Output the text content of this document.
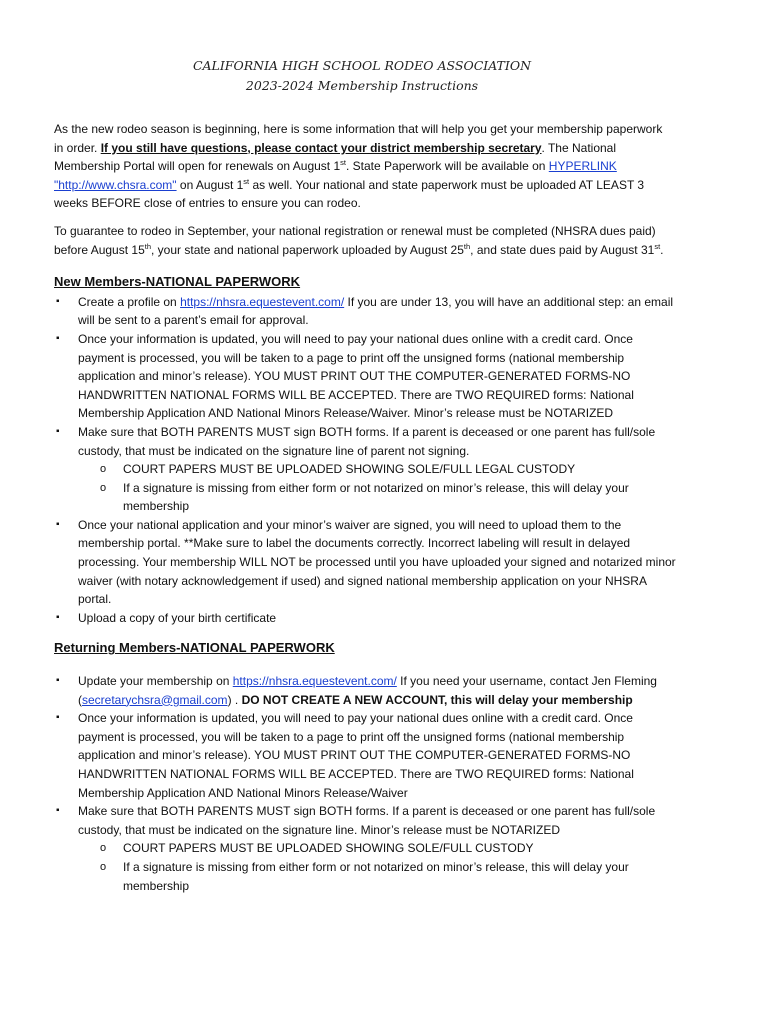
CALIFORNIA HIGH SCHOOL RODEO ASSOCIATION
2023-2024 Membership Instructions

As the new rodeo season is beginning, here is some information that will help you get your membership paperwork in order. If you still have questions, please contact your district membership secretary. The National Membership Portal will open for renewals on August 1st. State Paperwork will be available on HYPERLINK "http://www.chsra.com" on August 1st as well. Your national and state paperwork must be uploaded AT LEAST 3 weeks BEFORE close of entries to ensure you can rodeo.

To guarantee to rodeo in September, your national registration or renewal must be completed (NHSRA dues paid) before August 15th, your state and national paperwork uploaded by August 25th, and state dues paid by August 31st.

New Members-NATIONAL PAPERWORK
▪ Create a profile on https://nhsra.equestevent.com/ If you are under 13, you will have an additional step: an email will be sent to a parent’s email for approval.
▪ Once your information is updated, you will need to pay your national dues online with a credit card. Once payment is processed, you will be taken to a page to print off the unsigned forms (national membership application and minor’s release). YOU MUST PRINT OUT THE COMPUTER-GENERATED FORMS-NO HANDWRITTEN NATIONAL FORMS WILL BE ACCEPTED. There are TWO REQUIRED forms: National Membership Application AND National Minors Release/Waiver. Minor’s release must be NOTARIZED
▪ Make sure that BOTH PARENTS MUST sign BOTH forms. If a parent is deceased or one parent has full/sole custody, that must be indicated on the signature line of parent not signing.
o COURT PAPERS MUST BE UPLOADED SHOWING SOLE/FULL LEGAL CUSTODY
o If a signature is missing from either form or not notarized on minor’s release, this will delay your membership
▪ Once your national application and your minor’s waiver are signed, you will need to upload them to the membership portal. **Make sure to label the documents correctly. Incorrect labeling will result in delayed processing. Your membership WILL NOT be processed until you have uploaded your signed and notarized minor waiver (with notary acknowledgement if used) and signed national membership application on your NHSRA portal.
▪ Upload a copy of your birth certificate
Returning Members-NATIONAL PAPERWORK
▪ Update your membership on https://nhsra.equestevent.com/ If you need your username, contact Jen Fleming (secretarychsra@gmail.com) . DO NOT CREATE A NEW ACCOUNT, this will delay your membership
▪ Once your information is updated, you will need to pay your national dues online with a credit card. Once payment is processed, you will be taken to a page to print off the unsigned forms (national membership application and minor’s release). YOU MUST PRINT OUT THE COMPUTER-GENERATED FORMS-NO HANDWRITTEN NATIONAL FORMS WILL BE ACCEPTED. There are TWO REQUIRED forms: National Membership Application AND National Minors Release/Waiver
▪ Make sure that BOTH PARENTS MUST sign BOTH forms. If a parent is deceased or one parent has full/sole custody, that must be indicated on the signature line. Minor’s release must be NOTARIZED
o COURT PAPERS MUST BE UPLOADED SHOWING SOLE/FULL CUSTODY
o If a signature is missing from either form or not notarized on minor’s release, this will delay your membership
